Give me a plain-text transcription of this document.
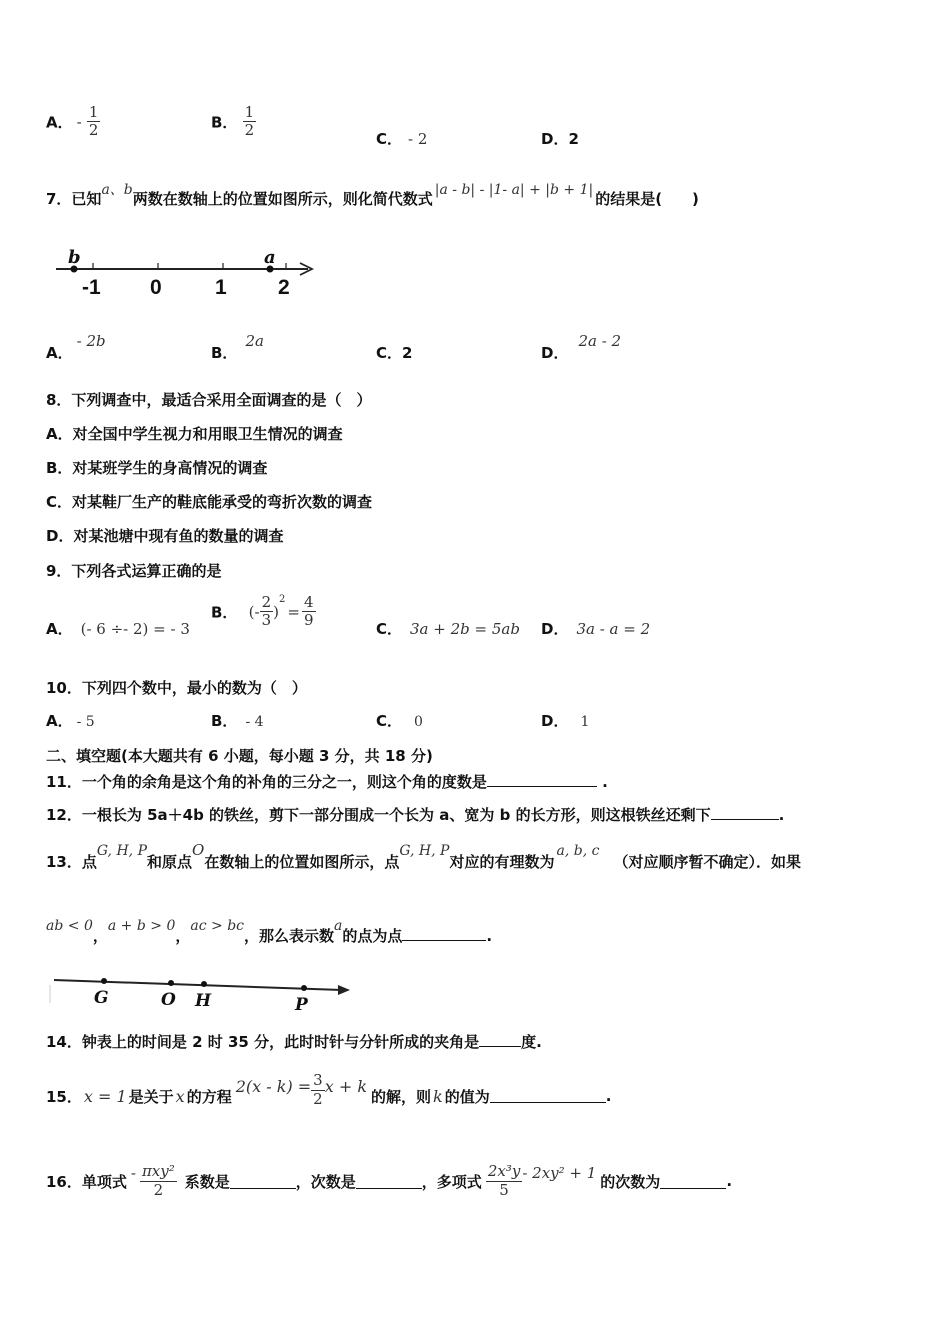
A． - $\frac{1}{2}$	B． $\frac{1}{2}$	C． - 2	D．2
7．已知a、b两数在数轴上的位置如图所示，则化简代数式 |a - b| - |1- a| + |b + 1| 的结果是(　　)
b	a
-1 0	1 2
A．- 2b
B．2a
C．2	D．2a - 2
8．下列调查中，最适合采用全面调查的是（　）
A．对全国中学生视力和用眼卫生情况的调查
B．对某班学生的身高情况的调查
C．对某鞋厂生产的鞋底能承受的弯折次数的调查
D．对某池塘中现有鱼的数量的调查
9．下列各式运算正确的是
A． (- 6 ÷- 2) = - 3
B． (- $\frac{2}{3} )^2= \frac{4}{9}$	C． 3a + 2b = 5ab D． 3a - a = 2
10．下列四个数中，最小的数为（　）
A． - 5	B． - 4	C． 0	D． 1
二、填空题(本大题共有 6 小题，每小题 3 分，共 18 分)
11．一个角的余角是这个角的补角的三分之一，则这个角的度数是	.
12．一根长为 5a＋4b 的铁丝，剪下一部分围成一个长为 a、宽为 b 的长方形，则这根铁丝还剩下	.
13．点G, H, P和原点O在数轴上的位置如图所示，点G, H, P对应的有理数为a, b, c（对应顺序暂不确定）．如果
ab < 0，a + b > 0，ac > bc，那么表示数a的点为点	.
G	O H	P
14．钟表上的时间是 2 时 35 分，此时时针与分针所成的夹角是	度.
15． x = 1 是关于 x 的方程
$2(x - k) = \frac{3}{2}$ x + k
的解，则 k 的值为	.
16．单项式 - $\frac{\text{πxy²}}{2}$ 系数是	，次数是	，多项式 $\frac{\text{2x³y}}{5} - 2xy^2 + 1$ 的次数为	.
